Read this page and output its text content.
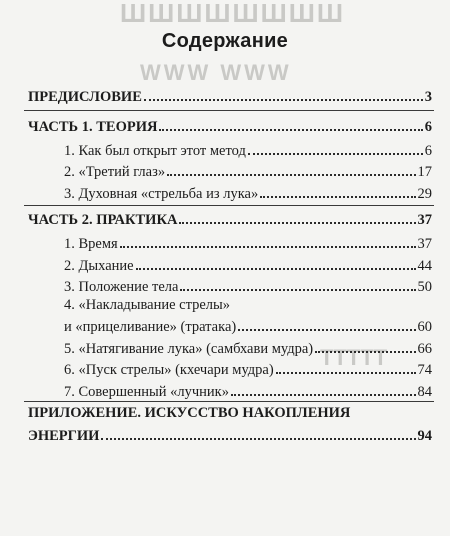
ШШШШШШШШ
WWW WWW
ТТТТТ
Содержание
ПРЕДИСЛОВИЕ	3
ЧАСТЬ 1. ТЕОРИЯ	6
1. Как был открыт этот метод	6
2. «Третий глаз»	17
3. Духовная «стрельба из лука»	29
ЧАСТЬ 2. ПРАКТИКА	37
1. Время	37
2. Дыхание	44
3. Положение тела	50
4. «Накладывание стрелы»
и «прицеливание» (тратака)	60
5. «Натягивание лука» (самбхави мудра)	66
6. «Пуск стрелы» (кхечари мудра)	74
7. Совершенный «лучник»	84
ПРИЛОЖЕНИЕ. ИСКУССТВО НАКОПЛЕНИЯ
ЭНЕРГИИ	94
